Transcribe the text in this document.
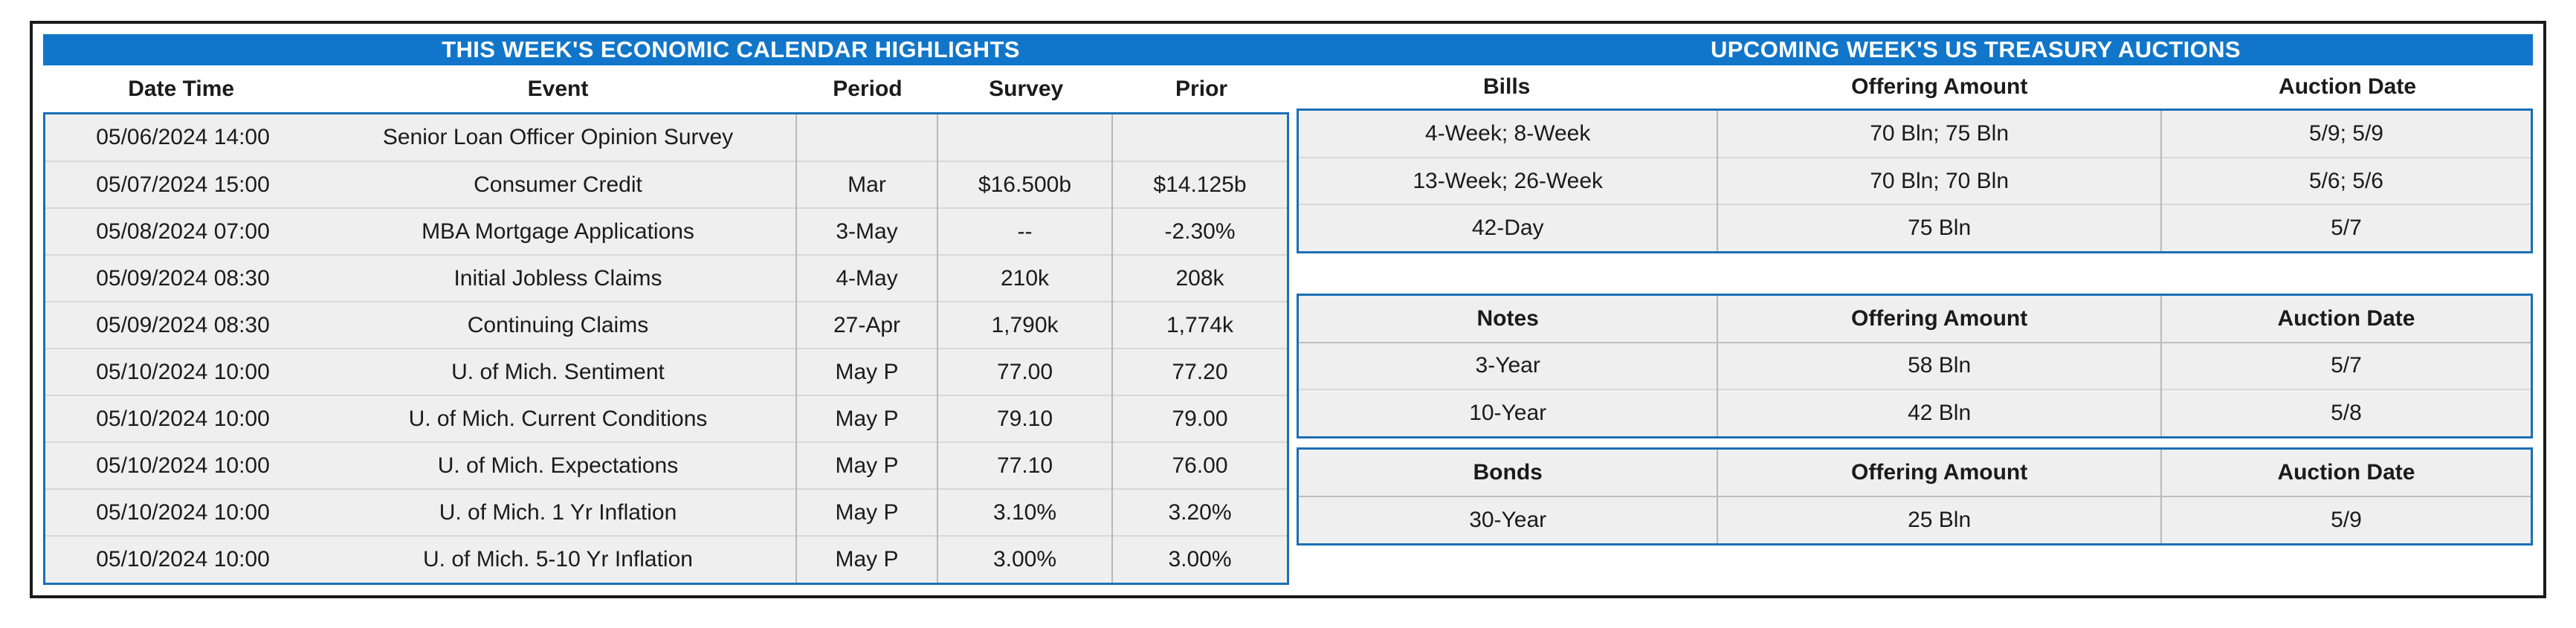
THIS WEEK'S ECONOMIC CALENDAR HIGHLIGHTS	UPCOMING WEEK'S US TREASURY AUCTIONS
Date Time	Event	Period	Survey	Prior
05/06/2024 14:00	Senior Loan Officer Opinion Survey			
05/07/2024 15:00	Consumer Credit	Mar	$16.500b	$14.125b
05/08/2024 07:00	MBA Mortgage Applications	3-May	--	-2.30%
05/09/2024 08:30	Initial Jobless Claims	4-May	210k	208k
05/09/2024 08:30	Continuing Claims	27-Apr	1,790k	1,774k
05/10/2024 10:00	U. of Mich. Sentiment	May P	77.00	77.20
05/10/2024 10:00	U. of Mich. Current Conditions	May P	79.10	79.00
05/10/2024 10:00	U. of Mich. Expectations	May P	77.10	76.00
05/10/2024 10:00	U. of Mich. 1 Yr Inflation	May P	3.10%	3.20%
05/10/2024 10:00	U. of Mich. 5-10 Yr Inflation	May P	3.00%	3.00%
Bills	Offering Amount	Auction Date
4-Week; 8-Week	70 Bln; 75 Bln	5/9; 5/9
13-Week; 26-Week	70 Bln; 70 Bln	5/6; 5/6
42-Day	75 Bln	5/7
Notes	Offering Amount	Auction Date
3-Year	58 Bln	5/7
10-Year	42 Bln	5/8
Bonds	Offering Amount	Auction Date
30-Year	25 Bln	5/9
